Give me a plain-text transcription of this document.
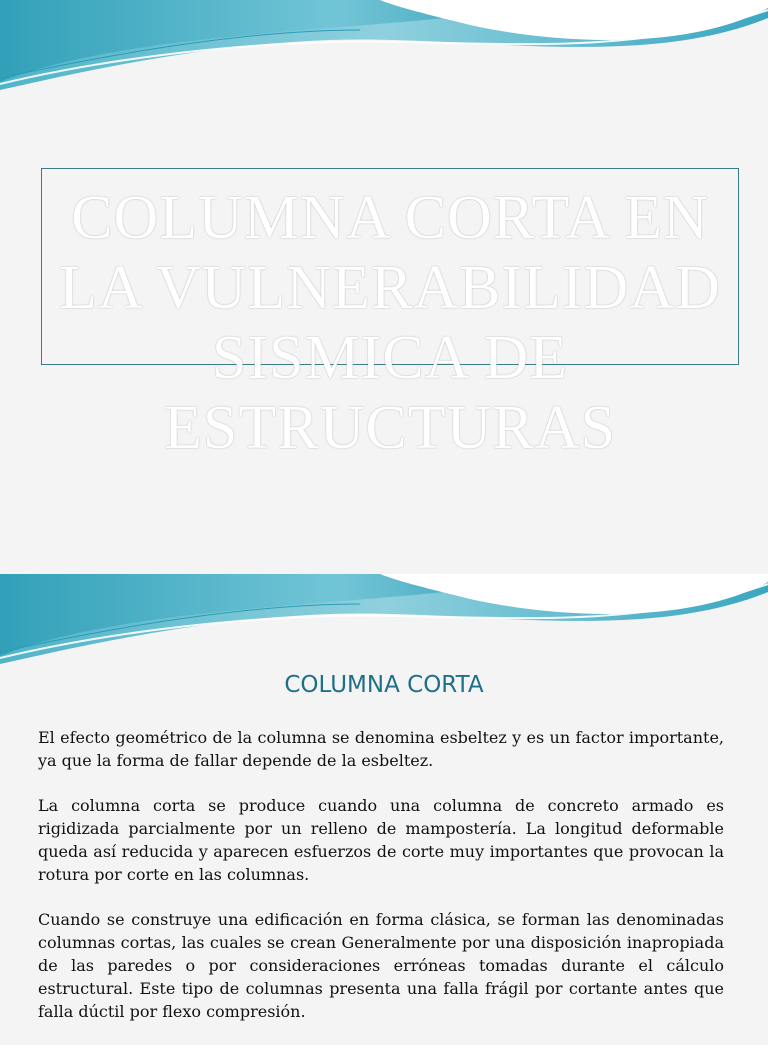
COLUMNA CORTA EN LA VULNERABILIDAD SISMICA DE ESTRUCTURAS
COLUMNA CORTA

El efecto geométrico de la columna se denomina esbeltez y es un factor importante, ya que la forma de fallar depende de la esbeltez.

La columna corta se produce cuando una columna de concreto armado es rigidizada parcialmente por un relleno de mampostería. La longitud deformable queda así reducida y aparecen esfuerzos de corte muy importantes que provocan la rotura por corte en las columnas.

Cuando se construye una edificación en forma clásica, se forman las denominadas columnas cortas, las cuales se crean Generalmente por una disposición inapropiada de las paredes o por consideraciones erróneas tomadas durante el cálculo estructural. Este tipo de columnas presenta una falla frágil por cortante antes que falla dúctil por flexo compresión.
